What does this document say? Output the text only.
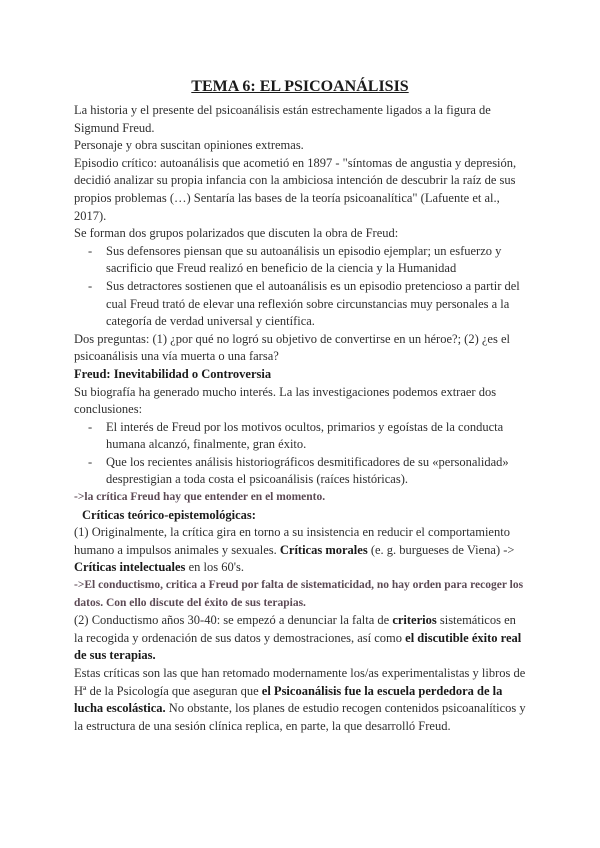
TEMA 6: EL PSICOANÁLISIS

La historia y el presente del psicoanálisis están estrechamente ligados a la figura de Sigmund Freud.

Personaje y obra suscitan opiniones extremas.

Episodio crítico: autoanálisis que acometió en 1897 - "síntomas de angustia y depresión, decidió analizar su propia infancia con la ambiciosa intención de descubrir la raíz de sus propios problemas (…) Sentaría las bases de la teoría psicoanalítica" (Lafuente et al., 2017).

Se forman dos grupos polarizados que discuten la obra de Freud:

- Sus defensores piensan que su autoanálisis un episodio ejemplar; un esfuerzo y sacrificio que Freud realizó en beneficio de la ciencia y la Humanidad
- Sus detractores sostienen que el autoanálisis es un episodio pretencioso a partir del cual Freud trató de elevar una reflexión sobre circunstancias muy personales a la categoría de verdad universal y científica.

Dos preguntas: (1) ¿por qué no logró su objetivo de convertirse en un héroe?; (2) ¿es el psicoanálisis una vía muerta o una farsa?

Freud: Inevitabilidad o Controversia

Su biografía ha generado mucho interés. La las investigaciones podemos extraer dos conclusiones:

- El interés de Freud por los motivos ocultos, primarios y egoístas de la conducta humana alcanzó, finalmente, gran éxito.
- Que los recientes análisis historiográficos desmitificadores de su «personalidad» desprestigian a toda costa el psicoanálisis (raíces históricas).

->la crítica Freud hay que entender en el momento.

Críticas teórico-epistemológicas:

(1) Originalmente, la crítica gira en torno a su insistencia en reducir el comportamiento humano a impulsos animales y sexuales. Críticas morales (e. g. burgueses de Viena) -> Críticas intelectuales en los 60's.

->El conductismo, critica a Freud por falta de sistematicidad, no hay orden para recoger los datos. Con ello discute del éxito de sus terapias.

(2) Conductismo años 30-40: se empezó a denunciar la falta de criterios sistemáticos en la recogida y ordenación de sus datos y demostraciones, así como el discutible éxito real de sus terapias.

Estas críticas son las que han retomado modernamente los/as experimentalistas y libros de Hª de la Psicología que aseguran que el Psicoanálisis fue la escuela perdedora de la lucha escolástica. No obstante, los planes de estudio recogen contenidos psicoanalíticos y la estructura de una sesión clínica replica, en parte, la que desarrolló Freud.
